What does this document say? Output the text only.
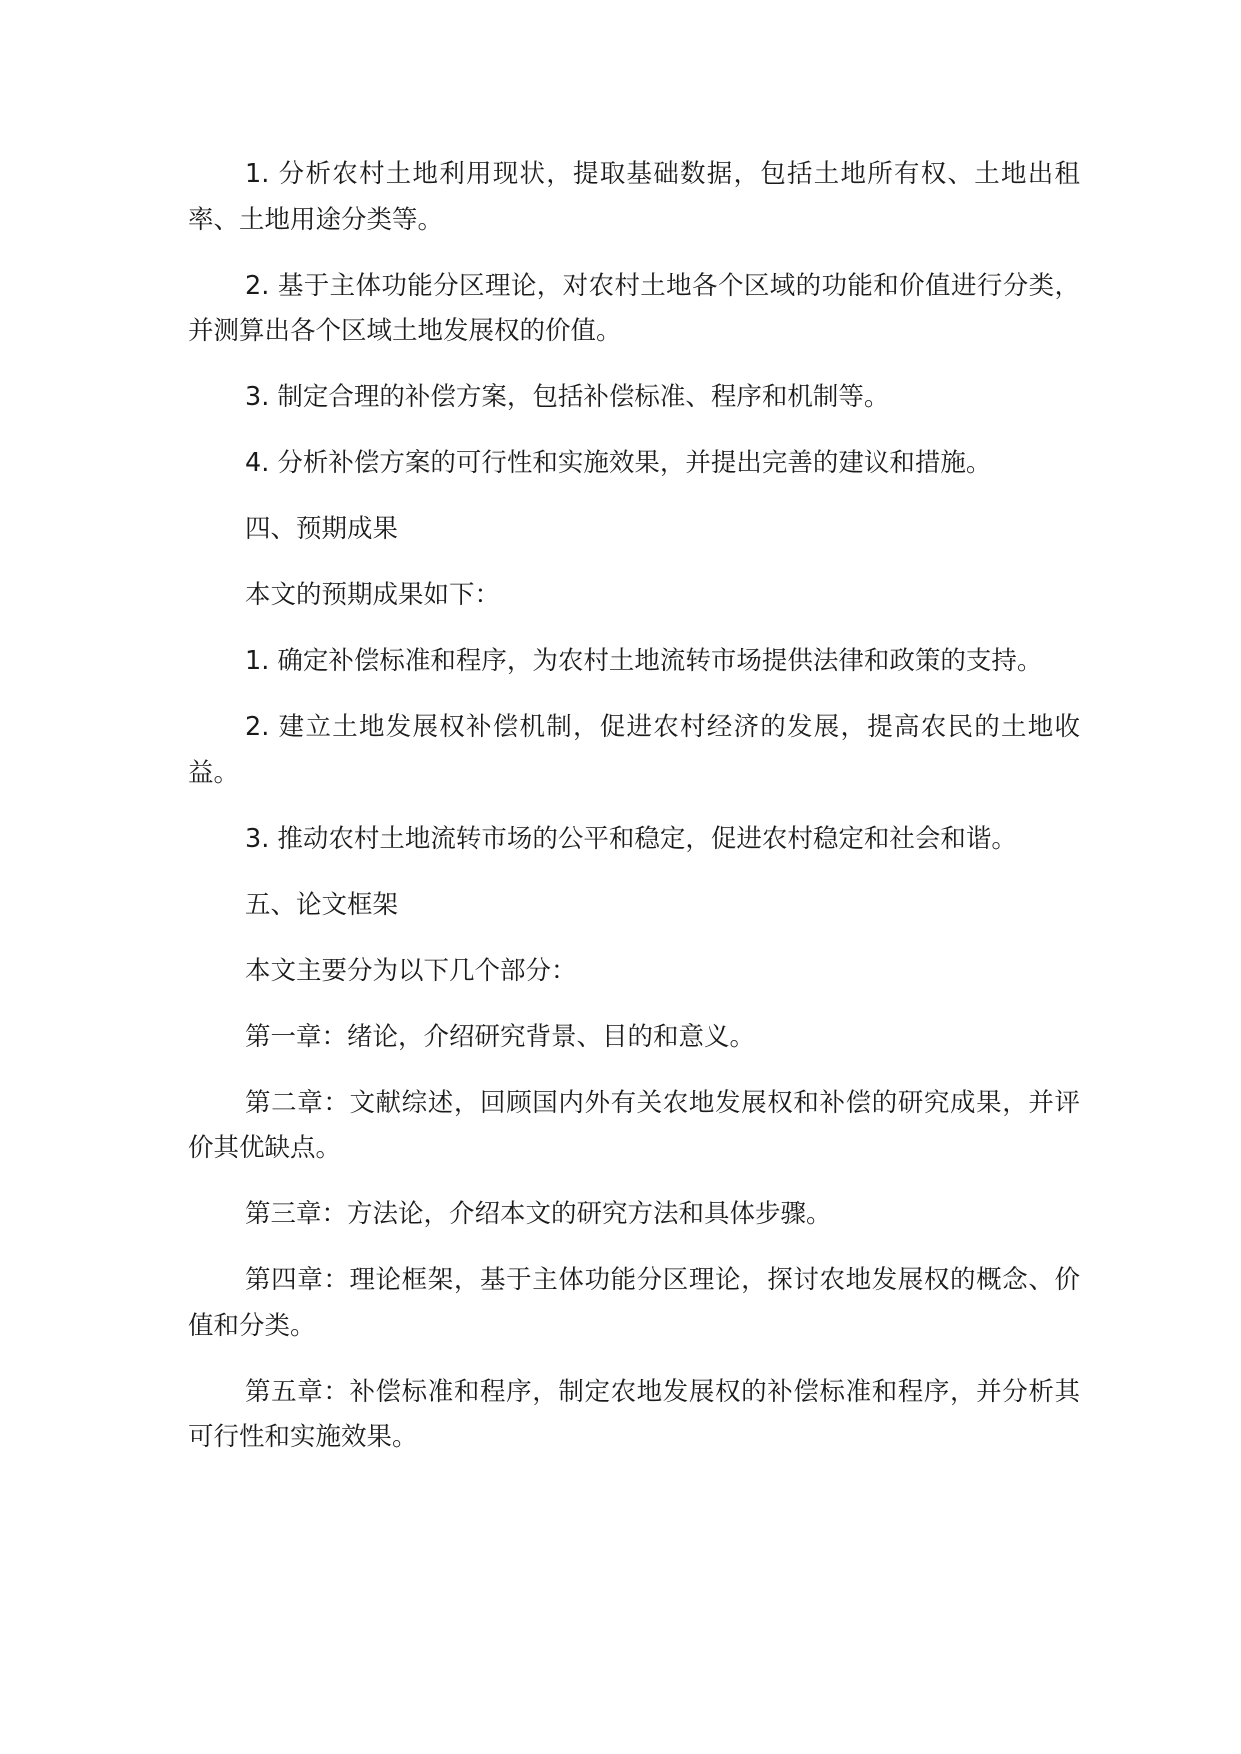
1. 分析农村土地利用现状，提取基础数据，包括土地所有权、土地出租率、土地用途分类等。

2. 基于主体功能分区理论，对农村土地各个区域的功能和价值进行分类，并测算出各个区域土地发展权的价值。

3. 制定合理的补偿方案，包括补偿标准、程序和机制等。

4. 分析补偿方案的可行性和实施效果，并提出完善的建议和措施。

四、预期成果

本文的预期成果如下：

1. 确定补偿标准和程序，为农村土地流转市场提供法律和政策的支持。

2. 建立土地发展权补偿机制，促进农村经济的发展，提高农民的土地收益。

3. 推动农村土地流转市场的公平和稳定，促进农村稳定和社会和谐。

五、论文框架

本文主要分为以下几个部分：

第一章：绪论，介绍研究背景、目的和意义。

第二章：文献综述，回顾国内外有关农地发展权和补偿的研究成果，并评价其优缺点。

第三章：方法论，介绍本文的研究方法和具体步骤。

第四章：理论框架，基于主体功能分区理论，探讨农地发展权的概念、价值和分类。

第五章：补偿标准和程序，制定农地发展权的补偿标准和程序，并分析其可行性和实施效果。
